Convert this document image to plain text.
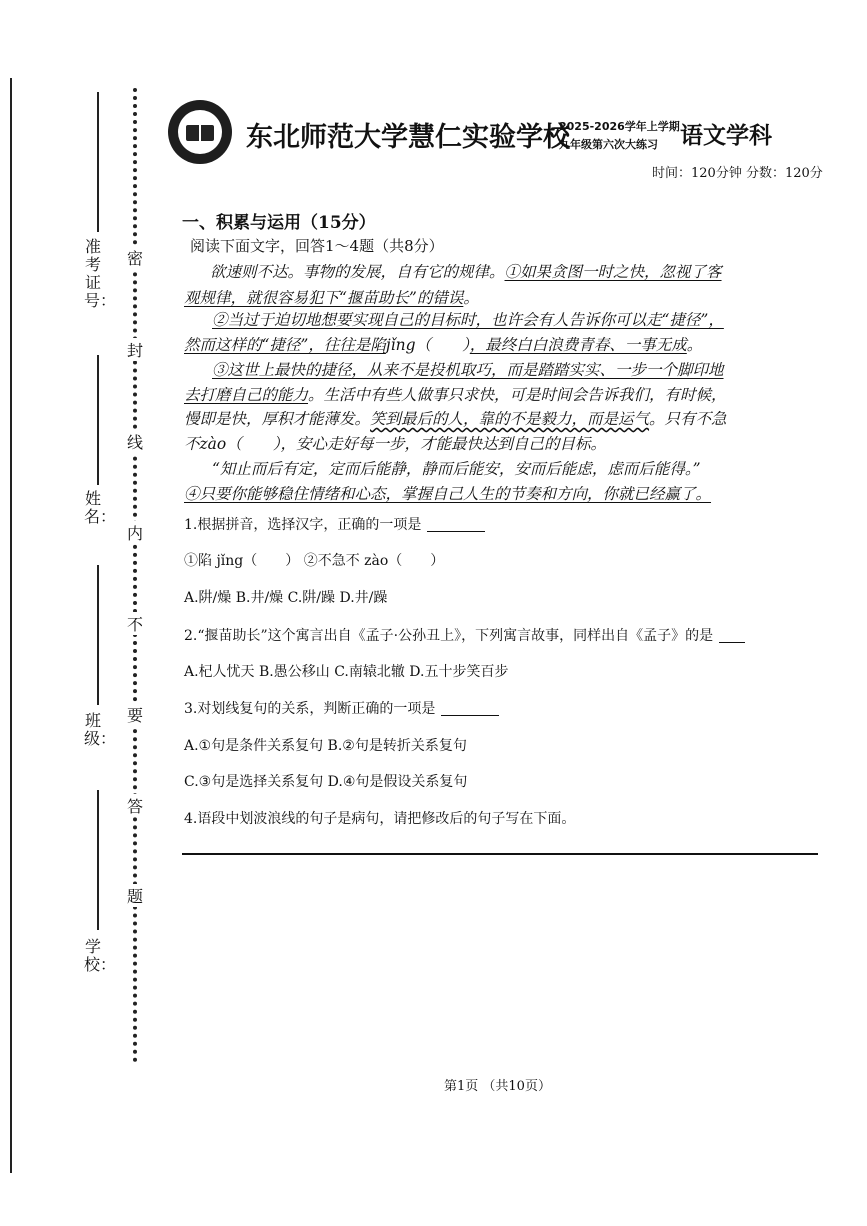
准考证号：
姓名：
班级：
学校：
密
封
线
内
不
要
答
题
东北师范大学慧仁实验学校
2025-2026学年上学期
九年级第六次大练习 语文学科
时间：120分钟 分数：120分
一、积累与运用（15分）
阅读下面文字，回答1～4题（共8分）
欲速则不达。事物的发展，自有它的规律。①如果贪图一时之快，忽视了客
观规律，就很容易犯下“揠苗助长”的错误。
②当过于迫切地想要实现自己的目标时，也许会有人告诉你可以走“捷径”，
然而这样的“捷径”，往往是陷jǐng（　　），最终白白浪费青春、一事无成。
③这世上最快的捷径，从来不是投机取巧，而是踏踏实实、一步一个脚印地
去打磨自己的能力。生活中有些人做事只求快，可是时间会告诉我们，有时候，
慢即是快，厚积才能薄发。笑到最后的人，靠的不是毅力，而是运气。只有不急
不zào（　　），安心走好每一步，才能最快达到自己的目标。
“知止而后有定，定而后能静，静而后能安，安而后能虑，虑而后能得。”
④只要你能够稳住情绪和心态，掌握自己人生的节奏和方向，你就已经赢了。
1.根据拼音，选择汉字，正确的一项是
①陷 jǐng（　　） ②不急不 zào（　　）
A.阱/燥 B.井/燥 C.阱/躁 D.井/躁
2.“揠苗助长”这个寓言出自《孟子·公孙丑上》，下列寓言故事，同样出自《孟子》的是
A.杞人忧天 B.愚公移山 C.南辕北辙 D.五十步笑百步
3.对划线复句的关系，判断正确的一项是
A.①句是条件关系复句 B.②句是转折关系复句
C.③句是选择关系复句 D.④句是假设关系复句
4.语段中划波浪线的句子是病句，请把修改后的句子写在下面。
第1页 （共10页）
